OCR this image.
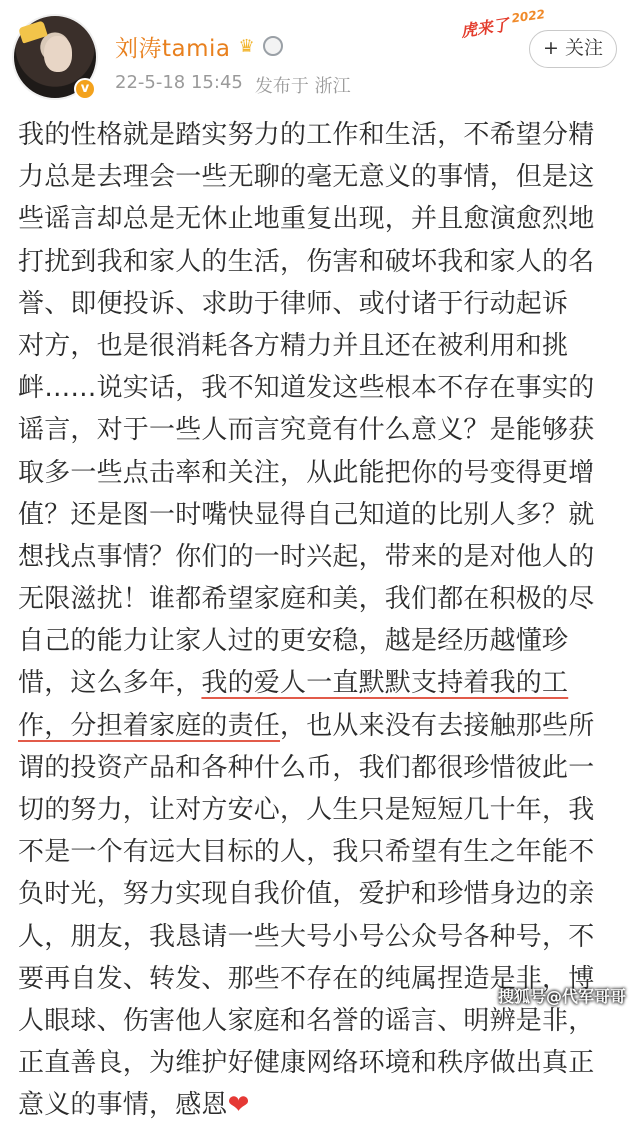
v
刘涛tamia ♛
22-5-18 15:45 发布于 浙江
虎来了 2022
+ 关注
我的性格就是踏实努力的工作和生活，不希望分精
力总是去理会一些无聊的毫无意义的事情，但是这
些谣言却总是无休止地重复出现，并且愈演愈烈地
打扰到我和家人的生活，伤害和破坏我和家人的名
誉、即便投诉、求助于律师、或付诸于行动起诉
对方，也是很消耗各方精力并且还在被利用和挑
衅……说实话，我不知道发这些根本不存在事实的
谣言，对于一些人而言究竟有什么意义？是能够获
取多一些点击率和关注，从此能把你的号变得更增
值？还是图一时嘴快显得自己知道的比别人多？就
想找点事情？你们的一时兴起，带来的是对他人的
无限滋扰！谁都希望家庭和美，我们都在积极的尽
自己的能力让家人过的更安稳，越是经历越懂珍
惜，这么多年，我的爱人一直默默支持着我的工
作，分担着家庭的责任，也从来没有去接触那些所
谓的投资产品和各种什么币，我们都很珍惜彼此一
切的努力，让对方安心，人生只是短短几十年，我
不是一个有远大目标的人，我只希望有生之年能不
负时光，努力实现自我价值，爱护和珍惜身边的亲
人，朋友，我恳请一些大号小号公众号各种号，不
要再自发、转发、那些不存在的纯属捏造是非，博
人眼球、伤害他人家庭和名誉的谣言、明辨是非，
正直善良，为维护好健康网络环境和秩序做出真正
意义的事情，感恩❤
搜狐号@代军哥哥
